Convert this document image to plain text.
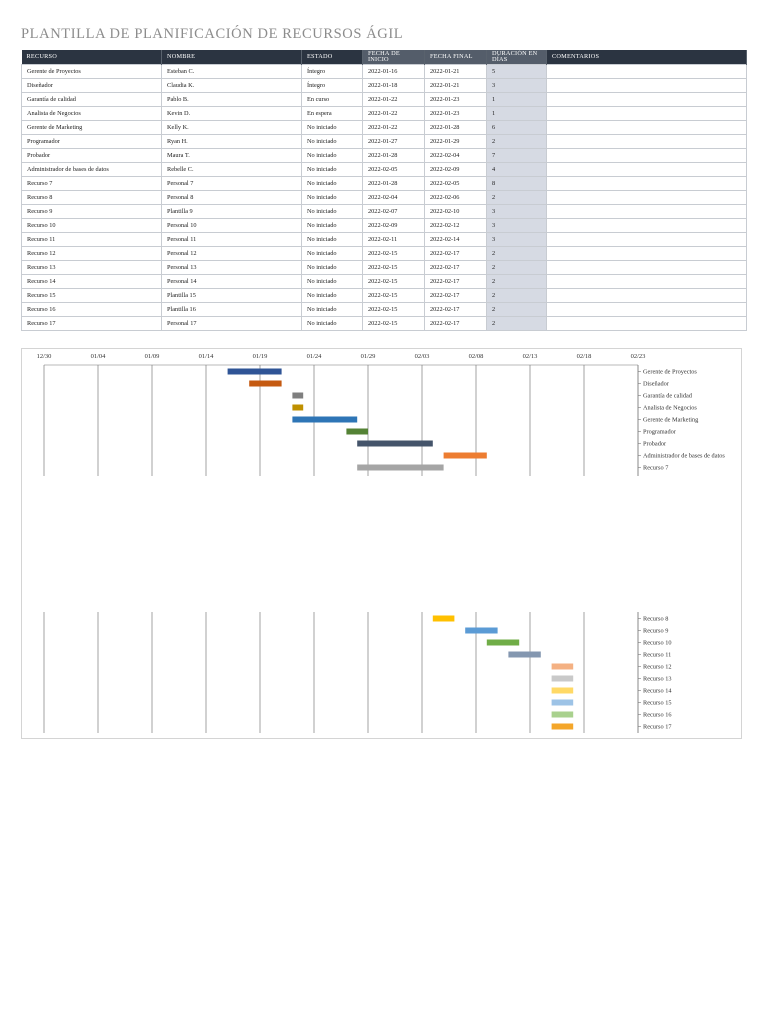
PLANTILLA DE PLANIFICACIÓN DE RECURSOS ÁGIL
RECURSO	NOMBRE	ESTADO	FECHA DE INICIO	FECHA FINAL	DURACIÓN EN DÍAS	COMENTARIOS
Gerente de Proyectos	Esteban C.	Íntegro	2022-01-16	2022-01-21	5	
Diseñador	Claudia K.	Íntegro	2022-01-18	2022-01-21	3	
Garantía de calidad	Pablo B.	En curso	2022-01-22	2022-01-23	1	
Analista de Negocios	Kevin D.	En espera	2022-01-22	2022-01-23	1	
Gerente de Marketing	Kelly K.	No iniciado	2022-01-22	2022-01-28	6	
Programador	Ryan H.	No iniciado	2022-01-27	2022-01-29	2	
Probador	Maura T.	No iniciado	2022-01-28	2022-02-04	7	
Administrador de bases de datos	Rebelle C.	No iniciado	2022-02-05	2022-02-09	4	
Recurso 7	Personal 7	No iniciado	2022-01-28	2022-02-05	8	
Recurso 8	Personal 8	No iniciado	2022-02-04	2022-02-06	2	
Recurso 9	Plantilla 9	No iniciado	2022-02-07	2022-02-10	3	
Recurso 10	Personal 10	No iniciado	2022-02-09	2022-02-12	3	
Recurso 11	Personal 11	No iniciado	2022-02-11	2022-02-14	3	
Recurso 12	Personal 12	No iniciado	2022-02-15	2022-02-17	2	
Recurso 13	Personal 13	No iniciado	2022-02-15	2022-02-17	2	
Recurso 14	Personal 14	No iniciado	2022-02-15	2022-02-17	2	
Recurso 15	Plantilla 15	No iniciado	2022-02-15	2022-02-17	2	
Recurso 16	Plantilla 16	No iniciado	2022-02-15	2022-02-17	2	
Recurso 17	Personal 17	No iniciado	2022-02-15	2022-02-17	2	
12/30	01/04	01/09	01/14	01/19	01/24	01/29	02/03	02/08	02/13	02/18	02/23
Gerente de Proyectos
Diseñador
Garantía de calidad
Analista de Negocios
Gerente de Marketing
Programador
Probador
Administrador de bases de datos
Recurso 7
Recurso 8
Recurso 9
Recurso 10
Recurso 11
Recurso 12
Recurso 13
Recurso 14
Recurso 15
Recurso 16
Recurso 17
